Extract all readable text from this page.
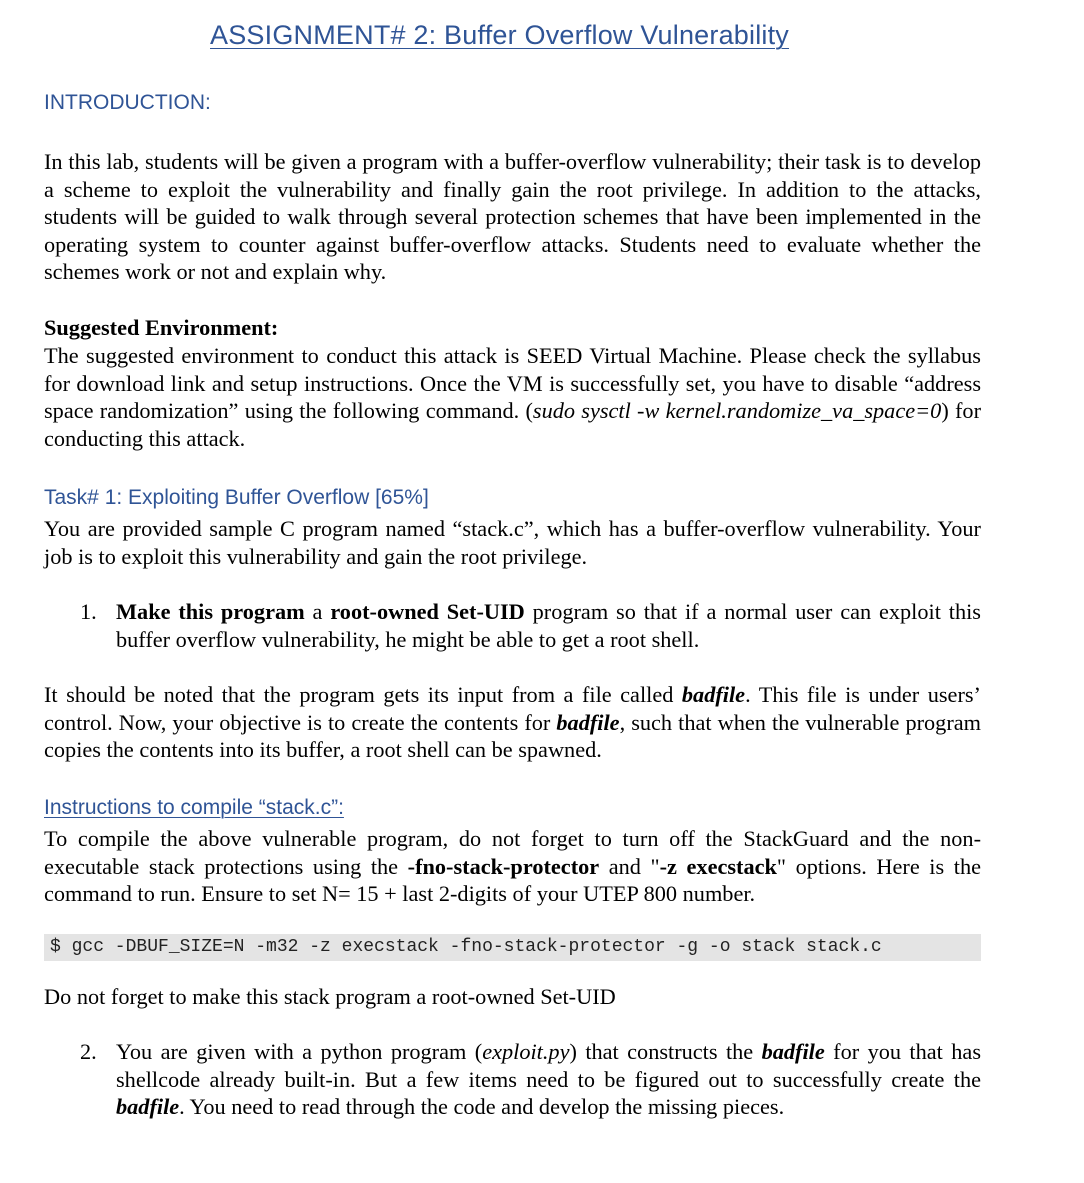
ASSIGNMENT# 2: Buffer Overflow Vulnerability
INTRODUCTION:
In this lab, students will be given a program with a buffer-overflow vulnerability; their task is to develop a scheme to exploit the vulnerability and finally gain the root privilege. In addition to the attacks, students will be guided to walk through several protection schemes that have been implemented in the operating system to counter against buffer-overflow attacks. Students need to evaluate whether the schemes work or not and explain why.
Suggested Environment:
The suggested environment to conduct this attack is SEED Virtual Machine. Please check the syllabus for download link and setup instructions. Once the VM is successfully set, you have to disable “address space randomization” using the following command. (sudo sysctl -w kernel.randomize_va_space=0) for conducting this attack.
Task# 1: Exploiting Buffer Overflow [65%]
You are provided sample C program named “stack.c”, which has a buffer-overflow vulnerability. Your job is to exploit this vulnerability and gain the root privilege.
1. Make this program a root-owned Set-UID program so that if a normal user can exploit this buffer overflow vulnerability, he might be able to get a root shell.
It should be noted that the program gets its input from a file called badfile. This file is under users’ control. Now, your objective is to create the contents for badfile, such that when the vulnerable program copies the contents into its buffer, a root shell can be spawned.
Instructions to compile “stack.c”:
To compile the above vulnerable program, do not forget to turn off the StackGuard and the non-executable stack protections using the -fno-stack-protector and "-z execstack" options. Here is the command to run. Ensure to set N= 15 + last 2-digits of your UTEP 800 number.
$ gcc -DBUF_SIZE=N -m32 -z execstack -fno-stack-protector -g -o stack stack.c
Do not forget to make this stack program a root-owned Set-UID
2. You are given with a python program (exploit.py) that constructs the badfile for you that has shellcode already built-in. But a few items need to be figured out to successfully create the badfile. You need to read through the code and develop the missing pieces.
